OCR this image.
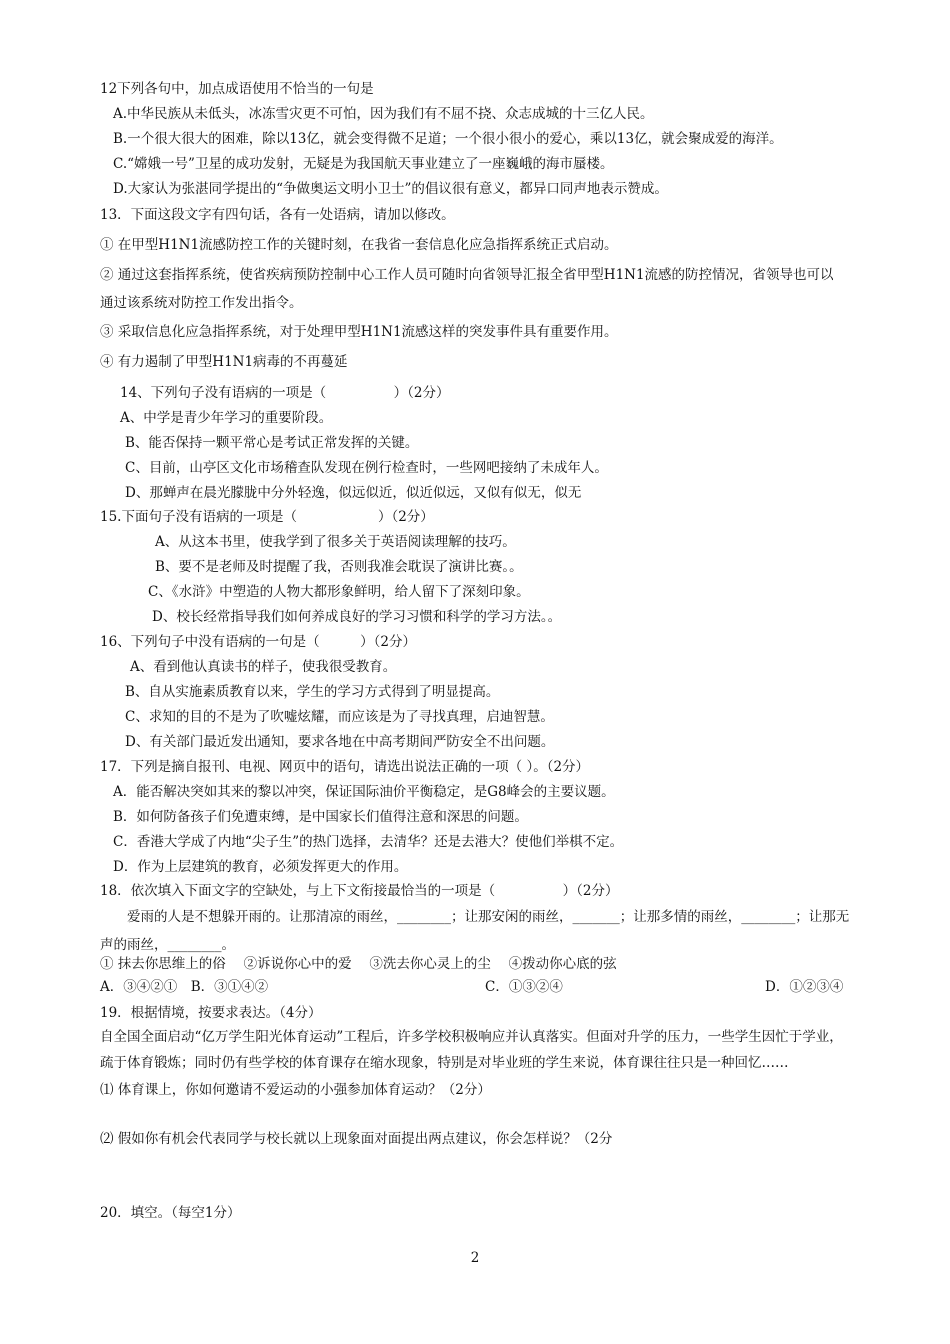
12下列各句中，加点成语使用不恰当的一句是
A.中华民族从未低头，冰冻雪灾更不可怕，因为我们有不屈不挠、众志成城的十三亿人民。
B.一个很大很大的困难，除以13亿，就会变得微不足道；一个很小很小的爱心，乘以13亿，就会聚成爱的海洋。
C.“嫦娥一号”卫星的成功发射，无疑是为我国航天事业建立了一座巍峨的海市蜃楼。
D.大家认为张湛同学提出的“争做奥运文明小卫士”的倡议很有意义，都异口同声地表示赞成。
13．下面这段文字有四句话，各有一处语病，请加以修改。
① 在甲型H1N1流感防控工作的关键时刻，在我省一套信息化应急指挥系统正式启动。
② 通过这套指挥系统，使省疾病预防控制中心工作人员可随时向省领导汇报全省甲型H1N1流感的防控情况，省领导也可以通过该系统对防控工作发出指令。
③ 采取信息化应急指挥系统，对于处理甲型H1N1流感这样的突发事件具有重要作用。
④ 有力遏制了甲型H1N1病毒的不再蔓延
14、下列句子没有语病的一项是（　　　　　）（2分）
A、中学是青少年学习的重要阶段。
B、能否保持一颗平常心是考试正常发挥的关键。
C、目前，山亭区文化市场稽查队发现在例行检查时，一些网吧接纳了未成年人。
D、那蝉声在晨光朦胧中分外轻逸，似远似近，似近似远，又似有似无，似无
15.下面句子没有语病的一项是（　　　　　　）（2分）
A、从这本书里，使我学到了很多关于英语阅读理解的技巧。
B、要不是老师及时提醒了我，否则我准会耽误了演讲比赛。。
C、《水浒》中塑造的人物大都形象鲜明，给人留下了深刻印象。
D、校长经常指导我们如何养成良好的学习习惯和科学的学习方法。。
16、下列句子中没有语病的一句是（　　　）（2分）
A、看到他认真读书的样子，使我很受教育。
B、自从实施素质教育以来，学生的学习方式得到了明显提高。
C、求知的目的不是为了吹嘘炫耀，而应该是为了寻找真理，启迪智慧。
D、有关部门最近发出通知，要求各地在中高考期间严防安全不出问题。
17．下列是摘自报刊、电视、网页中的语句，请选出说法正确的一项（ ）。（2分）
A．能否解决突如其来的黎以冲突，保证国际油价平衡稳定，是G8峰会的主要议题。
B．如何防备孩子们免遭束缚，是中国家长们值得注意和深思的问题。
C．香港大学成了内地“尖子生”的热门选择，去清华？还是去港大？使他们举棋不定。
D．作为上层建筑的教育，必须发挥更大的作用。
18．依次填入下面文字的空缺处，与上下文衔接最恰当的一项是（　　　　　）（2分）
　　爱雨的人是不想躲开雨的。让那清凉的雨丝，________；让那安闲的雨丝，_______；让那多情的雨丝，________；让那无声的雨丝，________。
① 抹去你思维上的俗　 ②诉说你心中的爱　 ③洗去你心灵上的尘　 ④拨动你心底的弦
A．③④②①　B．③①④②	C．①③②④	D．①②③④
19．根据情境，按要求表达。（4分）
自全国全面启动“亿万学生阳光体育运动”工程后，许多学校积极响应并认真落实。但面对升学的压力，一些学生因忙于学业，疏于体育锻炼；同时仍有些学校的体育课存在缩水现象，特别是对毕业班的学生来说，体育课往往只是一种回忆……
⑴ 体育课上，你如何邀请不爱运动的小强参加体育运动？（2分）
⑵ 假如你有机会代表同学与校长就以上现象面对面提出两点建议，你会怎样说？（2分
20．填空。（每空1分）
2
